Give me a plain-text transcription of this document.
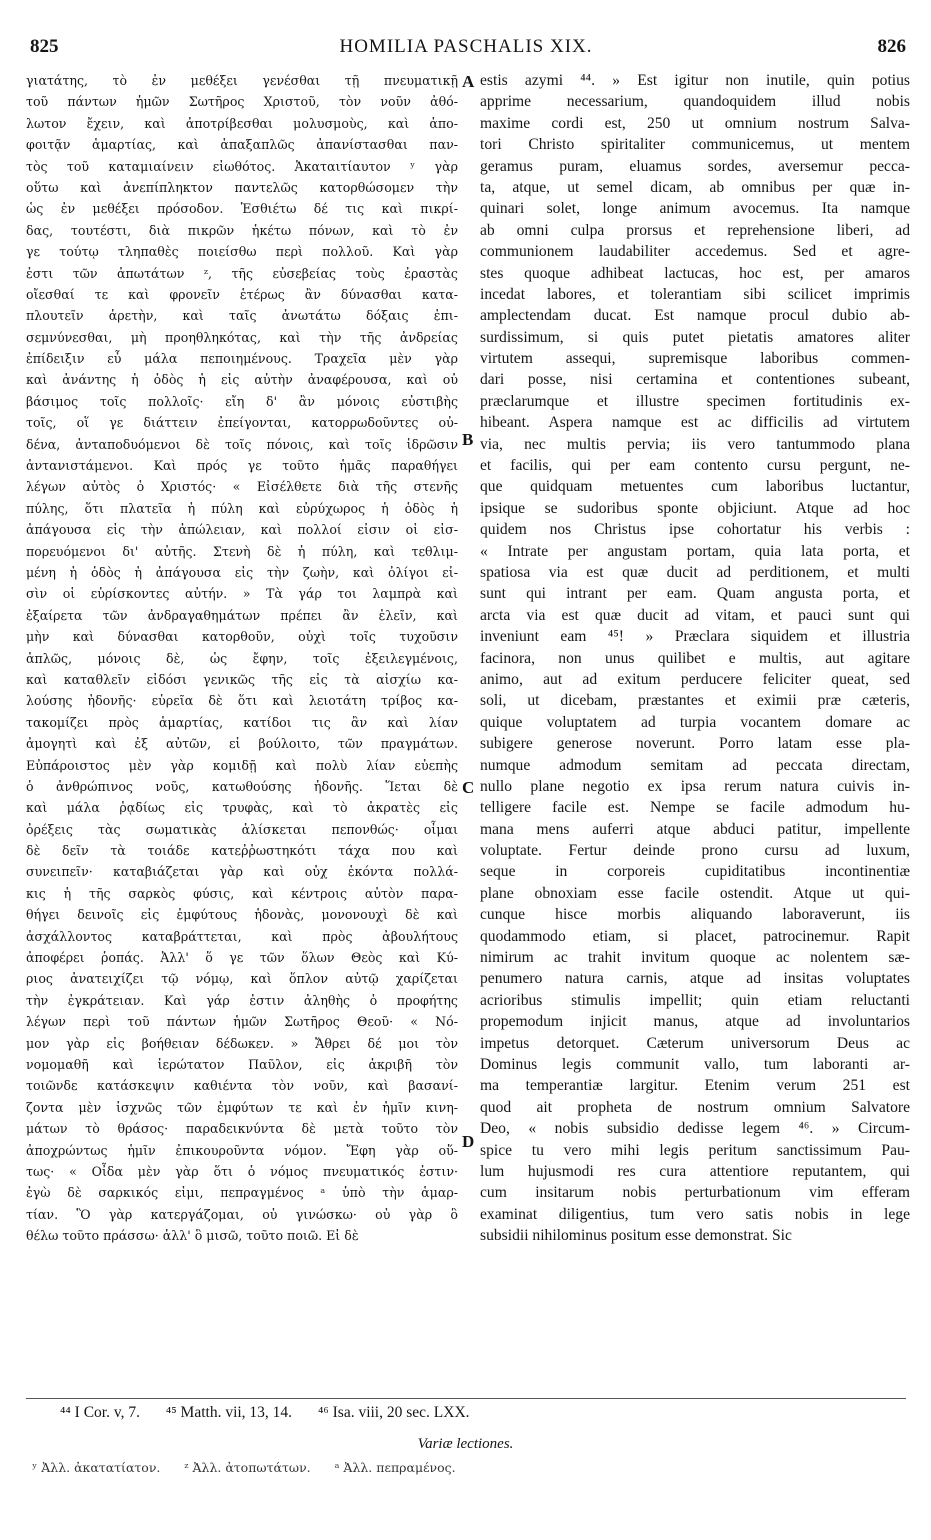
825	HOMILIA PASCHALIS XIX.	826
γιατάτης, τὸ ἐν μεθέξει γενέσθαι τῇ πνευματικῇ
τοῦ πάντων ἡμῶν Σωτῆρος Χριστοῦ, τὸν νοῦν ἀθό-
λωτον ἔχειν, καὶ ἀποτρίβεσθαι μολυσμοὺς, καὶ ἀπο-
φοιτᾷν ἁμαρτίας, καὶ ἁπαξαπλῶς ἀπανίστασθαι παν-
τὸς τοῦ καταμιαίνειν εἰωθότος. Ἀκαταιτίαυτον ʸ γὰρ
οὕτω καὶ ἀνεπίπληκτον παντελῶς κατορθώσομεν τὴν
ὡς ἐν μεθέξει πρόσοδον. Ἐσθιέτω δέ τις καὶ πικρί-
δας, τουτέστι, διὰ πικρῶν ἡκέτω πόνων, καὶ τὸ ἐν
γε τούτῳ τληπαθὲς ποιείσθω περὶ πολλοῦ. Καὶ γὰρ
ἐστι τῶν ἀπωτάτων ᶻ, τῆς εὐσεβείας τοὺς ἐραστὰς
οἴεσθαί τε καὶ φρονεῖν ἑτέρως ἂν δύνασθαι κατα-
πλουτεῖν ἀρετὴν, καὶ ταῖς ἀνωτάτω δόξαις ἐπι-
σεμνύνεσθαι, μὴ προηθληκότας, καὶ τὴν τῆς ἀνδρείας
ἐπίδειξιν εὖ μάλα πεποιημένους. Τραχεῖα μὲν γὰρ
καὶ ἀνάντης ἡ ὁδὸς ἡ εἰς αὐτὴν ἀναφέρουσα, καὶ οὐ
βάσιμος τοῖς πολλοῖς· εἴη δ' ἂν μόνοις εὐστιβὴς
τοῖς, οἵ γε διάττειν ἐπείγονται, κατορρωδοῦντες οὐ-
δένα, ἀνταποδυόμενοι δὲ τοῖς πόνοις, καὶ τοῖς ἱδρῶσιν
ἀντανιστάμενοι. Καὶ πρός γε τοῦτο ἡμᾶς παραθήγει
λέγων αὐτὸς ὁ Χριστός· « Εἰσέλθετε διὰ τῆς στενῆς
πύλης, ὅτι πλατεῖα ἡ πύλη καὶ εὐρύχωρος ἡ ὁδὸς ἡ
ἀπάγουσα εἰς τὴν ἀπώλειαν, καὶ πολλοί εἰσιν οἱ εἰσ-
πορευόμενοι δι' αὐτῆς. Στενὴ δὲ ἡ πύλη, καὶ τεθλιμ-
μένη ἡ ὁδὸς ἡ ἀπάγουσα εἰς τὴν ζωὴν, καὶ ὀλίγοι εἰ-
σὶν οἱ εὑρίσκοντες αὐτήν. » Τὰ γάρ τοι λαμπρὰ καὶ
ἐξαίρετα τῶν ἀνδραγαθημάτων πρέπει ἂν ἑλεῖν, καὶ
μὴν καὶ δύνασθαι κατορθοῦν, οὐχὶ τοῖς τυχοῦσιν
ἁπλῶς, μόνοις δὲ, ὡς ἔφην, τοῖς ἐξειλεγμένοις,
καὶ καταθλεῖν εἰδόσι γενικῶς τῆς εἰς τὰ αἰσχίω κα-
λούσης ἡδονῆς· εὑρεῖα δὲ ὅτι καὶ λειοτάτη τρίβος κα-
τακομίζει πρὸς ἁμαρτίας, κατίδοι τις ἂν καὶ λίαν
ἀμογητὶ καὶ ἐξ αὐτῶν, εἰ βούλοιτο, τῶν πραγμάτων.
Εὐπάροιστος μὲν γὰρ κομιδῇ καὶ πολὺ λίαν εὐεπὴς
ὁ ἀνθρώπινος νοῦς, κατωθούσης ἡδονῆς. Ἵεται δὲ
καὶ μάλα ῥᾳδίως εἰς τρυφὰς, καὶ τὸ ἀκρατὲς εἰς
ὀρέξεις τὰς σωματικὰς ἁλίσκεται πεπονθώς· οἶμαι
δὲ δεῖν τὰ τοιάδε κατεῤῥωστηκότι τάχα που καὶ
συνειπεῖν· καταβιάζεται γὰρ καὶ οὐχ ἑκόντα πολλά-
κις ἡ τῆς σαρκὸς φύσις, καὶ κέντροις αὐτὸν παρα-
θήγει δεινοῖς εἰς ἐμφύτους ἡδονὰς, μονονουχὶ δὲ καὶ
ἀσχάλλοντος καταβράττεται, καὶ πρὸς ἀβουλήτους
ἀποφέρει ῥοπάς. Ἀλλ' ὅ γε τῶν ὅλων Θεὸς καὶ Κύ-
ριος ἀνατειχίζει τῷ νόμῳ, καὶ ὅπλον αὐτῷ χαρίζεται
τὴν ἐγκράτειαν. Καὶ γάρ ἐστιν ἀληθὴς ὁ προφήτης
λέγων περὶ τοῦ πάντων ἡμῶν Σωτῆρος Θεοῦ· « Νό-
μον γὰρ εἰς βοήθειαν δέδωκεν. » Ἄθρει δέ μοι τὸν
νομομαθῆ καὶ ἱερώτατον Παῦλον, εἰς ἀκριβῆ τὸν
τοιῶνδε κατάσκεψιν καθιέντα τὸν νοῦν, καὶ βασανί-
ζοντα μὲν ἰσχνῶς τῶν ἐμφύτων τε καὶ ἐν ἡμῖν κινη-
μάτων τὸ θράσος· παραδεικνύντα δὲ μετὰ τοῦτο τὸν
ἀποχρώντως ἡμῖν ἐπικουροῦντα νόμον. Ἔφη γὰρ οὕ-
τως· « Οἶδα μὲν γὰρ ὅτι ὁ νόμος πνευματικός ἐστιν·
ἐγὼ δὲ σαρκικός εἰμι, πεπραγμένος ᵃ ὑπὸ τὴν ἁμαρ-
τίαν. Ὃ γὰρ κατεργάζομαι, οὐ γινώσκω· οὐ γὰρ ὃ
θέλω τοῦτο πράσσω· ἀλλ' ὃ μισῶ, τοῦτο ποιῶ. Εἰ δὲ
estis azymi ⁴⁴. » Est igitur non inutile, quin potius
apprime necessarium, quandoquidem illud nobis
maxime cordi est, 250 ut omnium nostrum Salva-
tori Christo spiritaliter communicemus, ut mentem
geramus puram, eluamus sordes, aversemur pecca-
ta, atque, ut semel dicam, ab omnibus per quæ in-
quinari solet, longe animum avocemus. Ita namque
ab omni culpa prorsus et reprehensione liberi, ad
communionem laudabiliter accedemus. Sed et agre-
stes quoque adhibeat lactucas, hoc est, per amaros
incedat labores, et tolerantiam sibi scilicet imprimis
amplectendam ducat. Est namque procul dubio ab-
surdissimum, si quis putet pietatis amatores aliter
virtutem assequi, supremisque laboribus commen-
dari posse, nisi certamina et contentiones subeant,
præclarumque et illustre specimen fortitudinis ex-
hibeant. Aspera namque est ac difficilis ad virtutem
via, nec multis pervia; iis vero tantummodo plana
et facilis, qui per eam contento cursu pergunt, ne-
que quidquam metuentes cum laboribus luctantur,
ipsique se sudoribus sponte objiciunt. Atque ad hoc
quidem nos Christus ipse cohortatur his verbis :
« Intrate per angustam portam, quia lata porta, et
spatiosa via est quæ ducit ad perditionem, et multi
sunt qui intrant per eam. Quam angusta porta, et
arcta via est quæ ducit ad vitam, et pauci sunt qui
inveniunt eam ⁴⁵! » Præclara siquidem et illustria
facinora, non unus quilibet e multis, aut agitare
animo, aut ad exitum perducere feliciter queat, sed
soli, ut dicebam, præstantes et eximii præ cæteris,
quique voluptatem ad turpia vocantem domare ac
subigere generose noverunt. Porro latam esse pla-
numque admodum semitam ad peccata directam,
nullo plane negotio ex ipsa rerum natura cuivis in-
telligere facile est. Nempe se facile admodum hu-
mana mens auferri atque abduci patitur, impellente
voluptate. Fertur deinde prono cursu ad luxum,
seque in corporeis cupiditatibus incontinentiæ
plane obnoxiam esse facile ostendit. Atque ut qui-
cunque hisce morbis aliquando laboraverunt, iis
quodammodo etiam, si placet, patrocinemur. Rapit
nimirum ac trahit invitum quoque ac nolentem sæ-
penumero natura carnis, atque ad insitas voluptates
acrioribus stimulis impellit; quin etiam reluctanti
propemodum injicit manus, atque ad involuntarios
impetus detorquet. Cæterum universorum Deus ac
Dominus legis communit vallo, tum laboranti ar-
ma temperantiæ largitur. Etenim verum 251 est
quod ait propheta de nostrum omnium Salvatore
Deo, « nobis subsidio dedisse legem ⁴⁶. » Circum-
spice tu vero mihi legis peritum sanctissimum Pau-
lum hujusmodi res cura attentiore reputantem, qui
cum insitarum nobis perturbationum vim efferam
examinat diligentius, tum vero satis nobis in lege
subsidii nihilominus positum esse demonstrat. Sic
A
B
C
D
⁴⁴ I Cor. v, 7. ⁴⁵ Matth. vii, 13, 14. ⁴⁶ Isa. viii, 20 sec. LXX.
Variæ lectiones.
ʸ Ἀλλ. ἀκατατίατον. ᶻ Ἀλλ. ἀτοπωτάτων. ᵃ Ἀλλ. πεπραμένος.
